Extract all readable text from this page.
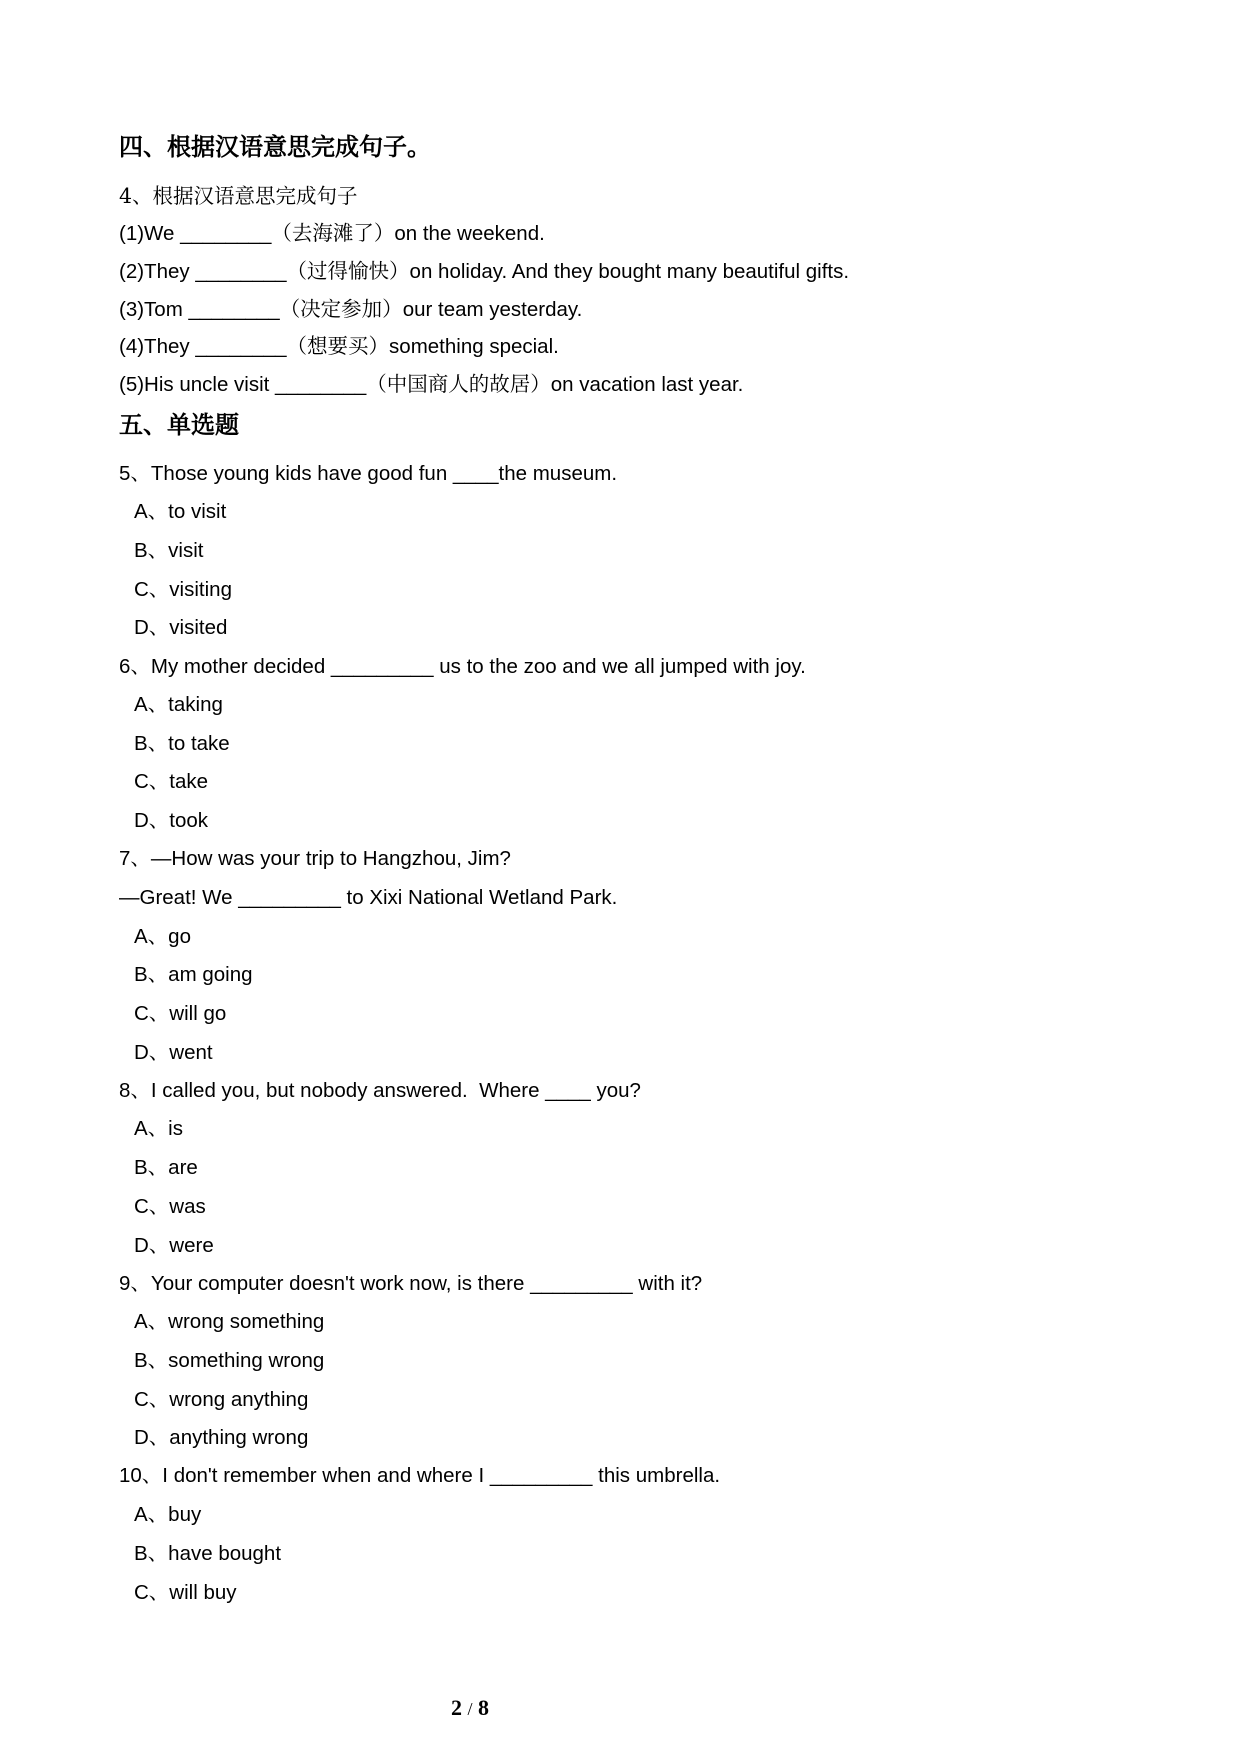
四、根据汉语意思完成句子。
4、根据汉语意思完成句子
(1)We ________（去海滩了）on the weekend.
(2)They ________（过得愉快）on holiday. And they bought many beautiful gifts.
(3)Tom ________（决定参加）our team yesterday.
(4)They ________（想要买）something special.
(5)His uncle visit ________（中国商人的故居）on vacation last year.
五、单选题
5、Those young kids have good fun ____the museum.
A、to visit
B、visit
C、visiting
D、visited
6、My mother decided _________ us to the zoo and we all jumped with joy.
A、taking
B、to take
C、take
D、took
7、—How was your trip to Hangzhou, Jim?
—Great! We _________ to Xixi National Wetland Park.
A、go
B、am going
C、will go
D、went
8、I called you, but nobody answered.  Where ____ you?
A、is
B、are
C、was
D、were
9、Your computer doesn't work now, is there _________ with it?
A、wrong something
B、something wrong
C、wrong anything
D、anything wrong
10、I don't remember when and where I _________ this umbrella.
A、buy
B、have bought
C、will buy
2 / 8
